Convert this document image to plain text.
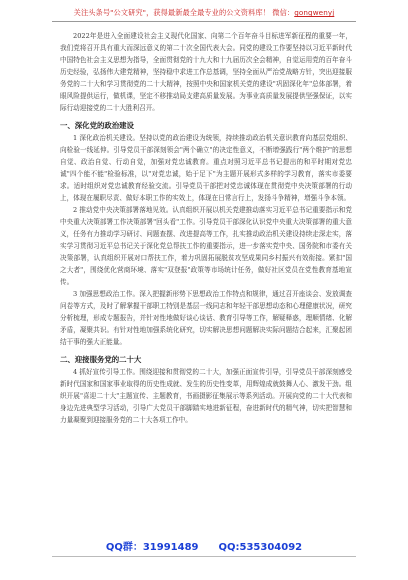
关注头条号"公文研究"，获得最新最全最专业的公文资料库！ 微信：gongwenyj

2022年是进入全面建设社会主义现代化国家、向第二个百年奋斗目标进军新征程的重要一年，我们党将召开具有重大而深远意义的第二十次全国代表大会。同党的建设工作要坚持以习近平新时代中国特色社会主义思想为指导，全面贯彻党的十九大和十九届历次全会精神，自觉运用党的百年奋斗历史经验，弘扬伟大建党精神，坚持稳中求进工作总基调，坚持全面从严治党战略方针，突出迎接服务党的二十大和学习贯彻党的二十大精神，按照中央和国家机关党的建设"巩固深化年"总体部署，着眼风险提供运行，做机课，坚定不移推动局支建高质量发展。为事业高质量发展提供坚强保证，以实际行动迎接党的二十大胜利召开。

一、深化党的政治建设

1 深化政治机关建设。坚持以党的政治建设为统领，持续推动政治机关意识教育向基层党组织、向检验一线延伸。引导党员干部深刻领会"两个确立"的决定性意义，不断增强践行"两个维护"的思想自觉、政治自觉、行动自觉，加强对党忠诚教育。重点对照习近平总书记提出的和平时期对党忠诚"四个能不能"检验标准，以"对党忠诚，始于足下"为主题开展形式多样的学习教育，落实市委要求。适时组织对党忠诚教育经验交流。引导党员干部把对党忠诚体现在贯彻党中央决策部署的行动上，体现在履职尽责、做好本职工作的实效上，体现在日常言行上，发扬斗争精神，增强斗争本领。

2 推动党中央决策部署落地见效。认真组织开展以机关党建推动落实习近平总书记重要指示和党中央重大决策部署工作决策部署"回头看"工作。引导党员干部深化认识党中央重大决策部署的重大意义，任务有力推动学习研讨、问题查摆、改进提高等工作，扎实推动政治机关建设持续走深走实，落实学习贯彻习近平总书记关于深化党总帮扶工作的重要指示，进一步落实党中央、国务院和市委有关决策部署，认真组织开展对口帮扶工作，着力巩固拓展脱贫攻坚成果同乡村振兴有效衔接。紧扣"国之大者"，围绕优化营商环境、落实"双登报"政策等市场统计任务，做好社区党员在党性教育基地宣传。

3 加强思想政治工作。深入把握新形势下思想政治工作特点和规律，通过召开座谈会、发放调查问卷等方式，及时了解掌握干部职工特别是基层一线同志和年轻干部思想动态和心理健康状况，研究分析梳理，形成专题报告，并针对性地做好谈心谈话、教育引导等工作，解疑释惑，理顺情绪、化解矛盾，凝聚共识。有针对性地加强系统化研究，切实解决思想问题解决实际问题结合起来，汇聚起团结干事的强大正能量。

二、迎接服务党的二十大

4 抓好宣传引导工作。围绕迎接和贯彻党的二十大，加强正面宣传引导，引导党员干部深刻感受新时代国家和国家事业取得的历史性成就、发生的历史性变革，用辉煌成就鼓舞人心、激发干劲。组织开展"喜迎二十大"主题宣传、主题教育，书画摄影征集展示等系列活动。开展向党的二十大代表和身边先进典型学习活动，引导广大党员干部脚踏实地进新征程，奋进新时代的精气神，切实把智慧和力量凝聚到迎接服务党的二十大各项工作中。

QQ群：31991489 QQ:535304092
